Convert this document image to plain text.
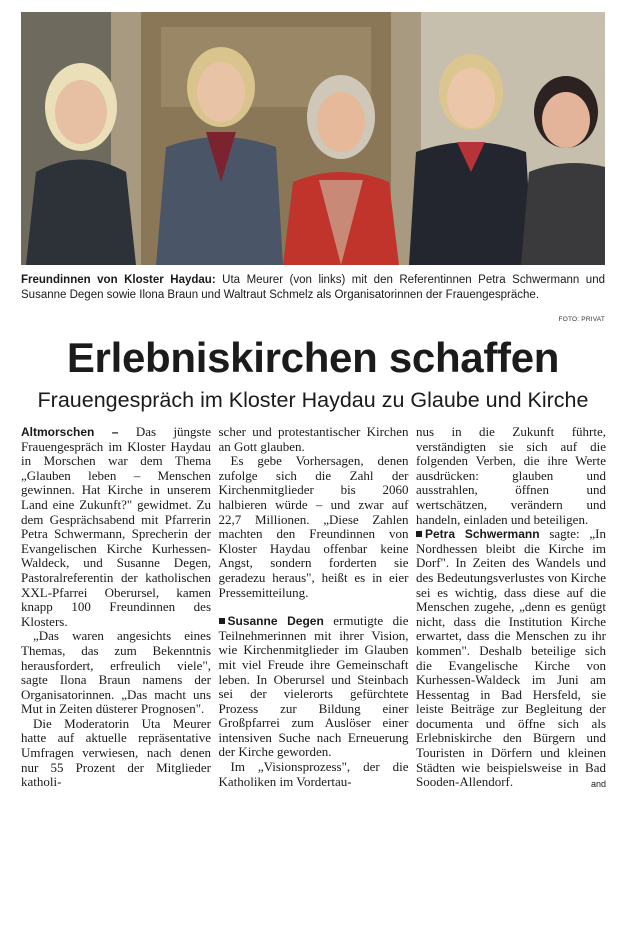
Freundinnen von Kloster Haydau: Uta Meurer (von links) mit den Referentinnen Petra Schwermann und Susanne Degen sowie Ilona Braun und Waltraut Schmelz als Organisatorinnen der Frauengespräche.
FOTO: PRIVAT
Erlebniskirchen schaffen
Frauengespräch im Kloster Haydau zu Glaube und Kirche

Altmorschen – Das jüngste Frauengespräch im Kloster Haydau in Morschen war dem Thema „Glauben leben – Menschen gewinnen. Hat Kirche in unserem Land eine Zukunft?" gewidmet. Zu dem Gesprächsabend mit Pfarrerin Petra Schwermann, Sprecherin der Evangelischen Kirche Kurhessen-Waldeck, und Susanne Degen, Pastoralreferentin der katholischen XXL-Pfarrei Oberursel, kamen knapp 100 Freundinnen des Klosters.

„Das waren angesichts eines Themas, das zum Bekenntnis herausfordert, erfreulich viele", sagte Ilona Braun namens der Organisatorinnen. „Das macht uns Mut in Zeiten düsterer Prognosen".

Die Moderatorin Uta Meurer hatte auf aktuelle repräsentative Umfragen verwiesen, nach denen nur 55 Prozent der Mitglieder katholi-

scher und protestantischer Kirchen an Gott glauben.

Es gebe Vorhersagen, denen zufolge sich die Zahl der Kirchenmitglieder bis 2060 halbieren würde – und zwar auf 22,7 Millionen. „Diese Zahlen machten den Freundinnen von Kloster Haydau offenbar keine Angst, sondern forderten sie geradezu heraus", heißt es in eier Pressemitteilung.

Susanne Degen ermutigte die Teilnehmerinnen mit ihrer Vision, wie Kirchenmitglieder im Glauben mit viel Freude ihre Gemeinschaft leben. In Oberursel und Steinbach sei der vielerorts gefürchtete Prozess zur Bildung einer Großpfarrei zum Auslöser einer intensiven Suche nach Erneuerung der Kirche geworden.

Im „Visionsprozess", der die Katholiken im Vordertau-

nus in die Zukunft führte, verständigten sie sich auf die folgenden Verben, die ihre Werte ausdrücken: glauben und ausstrahlen, öffnen und wertschätzen, verändern und handeln, einladen und beteiligen.

Petra Schwermann sagte: „In Nordhessen bleibt die Kirche im Dorf". In Zeiten des Wandels und des Bedeutungsverlustes von Kirche sei es wichtig, dass diese auf die Menschen zugehe, „denn es genügt nicht, dass die Institution Kirche erwartet, dass die Menschen zu ihr kommen". Deshalb beteilige sich die Evangelische Kirche von Kurhessen-Waldeck im Juni am Hessentag in Bad Hersfeld, sie leiste Beiträge zur Begleitung der documenta und öffne sich als Erlebniskirche den Bürgern und Touristen in Dörfern und kleinen Städten wie beispielsweise in Bad Sooden-Allendorf.	and
